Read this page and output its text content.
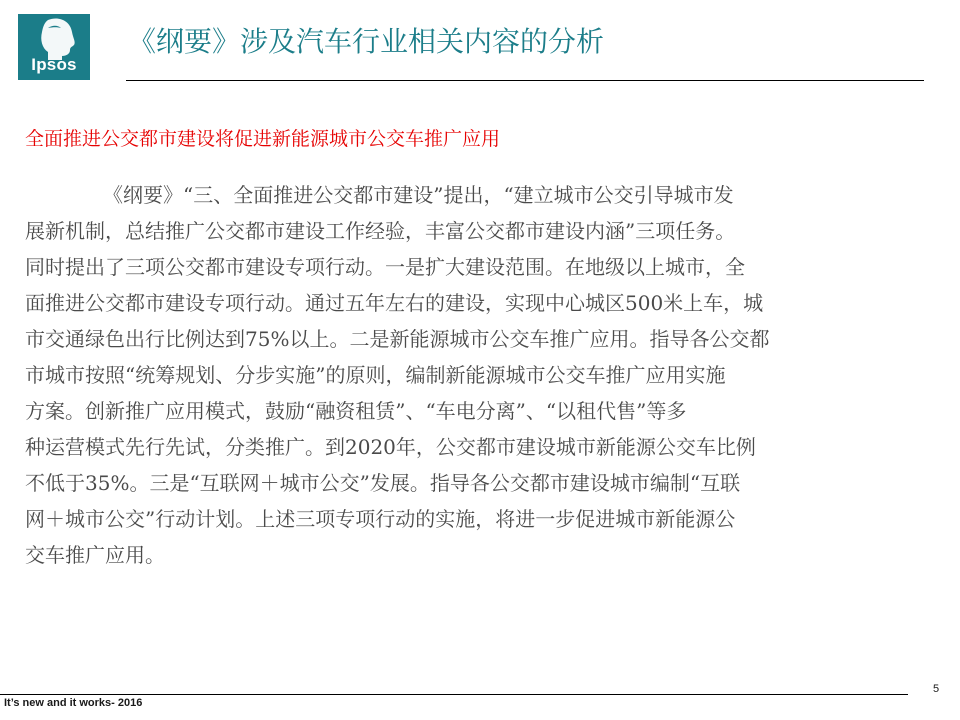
Ipsos
《纲要》涉及汽车行业相关内容的分析
全面推进公交都市建设将促进新能源城市公交车推广应用
《纲要》“三、全面推进公交都市建设”提出，“建立城市公交引导城市发
展新机制，总结推广公交都市建设工作经验，丰富公交都市建设内涵”三项任务。
同时提出了三项公交都市建设专项行动。一是扩大建设范围。在地级以上城市，全
面推进公交都市建设专项行动。通过五年左右的建设，实现中心城区500米上车，城
市交通绿色出行比例达到75%以上。二是新能源城市公交车推广应用。指导各公交都
市城市按照“统筹规划、分步实施”的原则，编制新能源城市公交车推广应用实施
方案。创新推广应用模式，鼓励“融资租赁”、“车电分离”、“以租代售”等多
种运营模式先行先试，分类推广。到2020年，公交都市建设城市新能源公交车比例
不低于35%。三是“互联网＋城市公交”发展。指导各公交都市建设城市编制“互联
网＋城市公交”行动计划。上述三项专项行动的实施，将进一步促进城市新能源公
交车推广应用。
It’s new and it works- 2016
5
